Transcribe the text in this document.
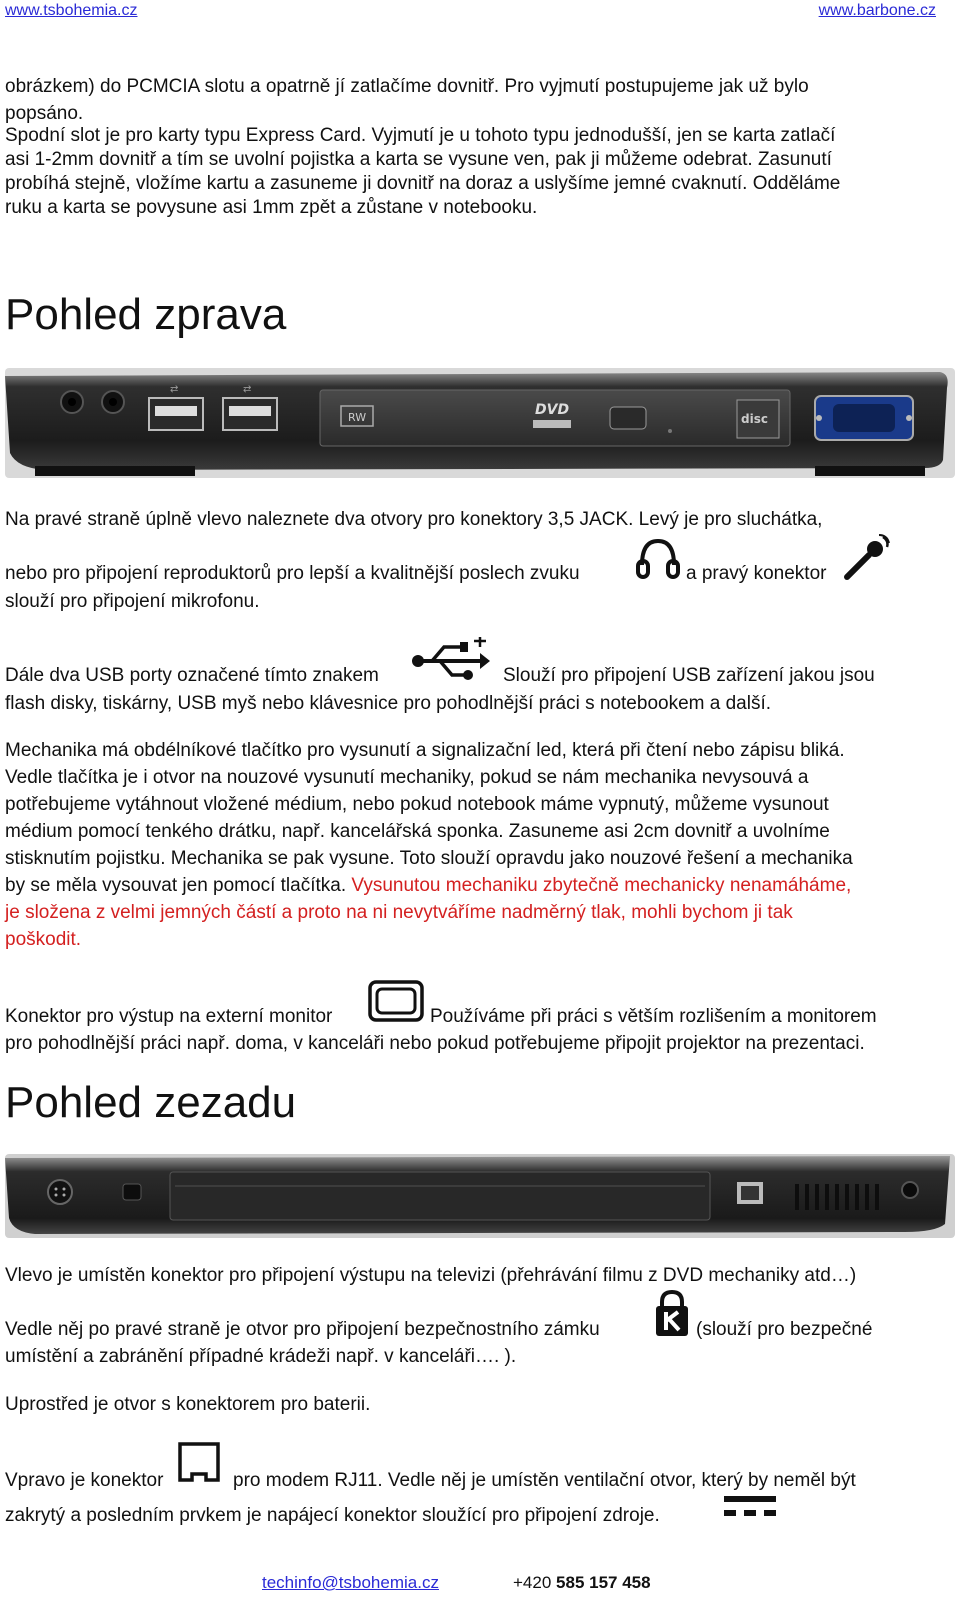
www.tsbohemia.cz	www.barbone.cz

obrázkem) do PCMCIA slotu a opatrně jí zatlačíme dovnitř. Pro vyjmutí postupujeme jak už bylo

popsáno.

Spodní slot je pro karty typu Express Card. Vyjmutí je u tohoto typu jednodušší, jen se karta zatlačí

asi 1-2mm dovnitř a tím se uvolní pojistka a karta se vysune ven, pak ji můžeme odebrat. Zasunutí

probíhá stejně, vložíme kartu a zasuneme ji dovnitř na doraz a uslyšíme jemné cvaknutí. Odděláme

ruku a karta se povysune asi 1mm zpět a zůstane v notebooku.

Pohled zprava
⇄	⇄
RW	DVD
disc

Na pravé straně úplně vlevo naleznete dva otvory pro konektory 3,5 JACK. Levý je pro sluchátka,

nebo pro připojení reproduktorů pro lepší a kvalitnější poslech zvuku	a pravý konektor

slouží pro připojení mikrofonu.

Dále dva USB porty označené tímto znakem	Slouží pro připojení USB zařízení jakou jsou

flash disky, tiskárny, USB myš nebo klávesnice pro pohodlnější práci s notebookem a další.

Mechanika má obdélníkové tlačítko pro vysunutí a signalizační led, která při čtení nebo zápisu bliká.

Vedle tlačítka je i otvor na nouzové vysunutí mechaniky, pokud se nám mechanika nevysouvá a

potřebujeme vytáhnout vložené médium, nebo pokud notebook máme vypnutý, můžeme vysunout

médium pomocí tenkého drátku, např. kancelářská sponka. Zasuneme asi 2cm dovnitř a uvolníme

stisknutím pojistku. Mechanika se pak vysune. Toto slouží opravdu jako nouzové řešení a mechanika

by se měla vysouvat jen pomocí tlačítka. Vysunutou mechaniku zbytečně mechanicky nenamáháme,

je složena z velmi jemných částí a proto na ni nevytváříme nadměrný tlak, mohli bychom ji tak

poškodit.

Konektor pro výstup na externí monitor	Používáme při práci s větším rozlišením a monitorem

pro pohodlnější práci např. doma, v kanceláři nebo pokud potřebujeme připojit projektor na prezentaci.

Pohled zezadu

Vlevo je umístěn konektor pro připojení výstupu na televizi (přehrávání filmu z DVD mechaniky atd…)

Vedle něj po pravé straně je otvor pro připojení bezpečnostního zámku	(slouží pro bezpečné

umístění a zabránění případné krádeži např. v kanceláři…. ).

Uprostřed je otvor s konektorem pro baterii.

Vpravo je konektor	pro modem RJ11. Vedle něj je umístěn ventilační otvor, který by neměl být

zakrytý a posledním prvkem je napájecí konektor sloužící pro připojení zdroje.

techinfo@tsbohemia.cz	+420 585 157 458
